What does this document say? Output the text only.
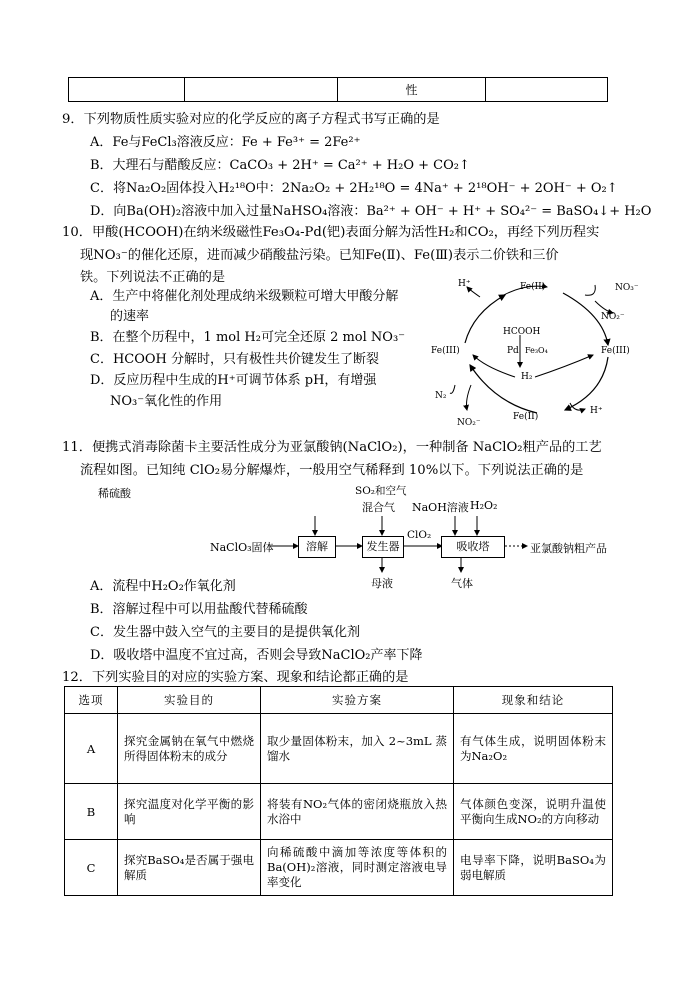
		性	
9．下列物质性质实验对应的化学反应的离子方程式书写正确的是
A．Fe与FeCl₃溶液反应：Fe + Fe³⁺ = 2Fe²⁺
B．大理石与醋酸反应：CaCO₃ + 2H⁺ = Ca²⁺ + H₂O + CO₂↑
C．将Na₂O₂固体投入H₂¹⁸O中：2Na₂O₂ + 2H₂¹⁸O = 4Na⁺ + 2¹⁸OH⁻ + 2OH⁻ + O₂↑
D．向Ba(OH)₂溶液中加入过量NaHSO₄溶液：Ba²⁺ + OH⁻ + H⁺ + SO₄²⁻ = BaSO₄↓+ H₂O
10．甲酸(HCOOH)在纳米级磁性Fe₃O₄-Pd(钯)表面分解为活性H₂和CO₂，再经下列历程实
现NO₃⁻的催化还原，进而减少硝酸盐污染。已知Fe(Ⅱ)、Fe(Ⅲ)表示二价铁和三价
铁。下列说法不正确的是
A．生产中将催化剂处理成纳米级颗粒可增大甲酸分解
的速率
B．在整个历程中，1 mol H₂可完全还原 2 mol NO₃⁻
C．HCOOH 分解时，只有极性共价键发生了断裂
D．反应历程中生成的H⁺可调节体系 pH，有增强
NO₃⁻氧化性的作用
H⁺	Fe(II)	NO₃⁻
NO₂⁻
HCOOH
Pd Fe₃O₄
H₂
Fe(III)	Fe(III)
N₂
NO₂⁻
Fe(II)
H⁺
11．便携式消毒除菌卡主要活性成分为亚氯酸钠(NaClO₂)，一种制备 NaClO₂粗产品的工艺
流程如图。已知纯 ClO₂易分解爆炸，一般用空气稀释到 10%以下。下列说法正确的是
稀硫酸	SO₂和空气
混合气 NaOH溶液 H₂O₂
NaClO₃固体	溶解	发生器
ClO₂
吸收塔	亚氯酸钠粗产品
母液	气体
A．流程中H₂O₂作氧化剂
B．溶解过程中可以用盐酸代替稀硫酸
C．发生器中鼓入空气的主要目的是提供氧化剂
D．吸收塔中温度不宜过高，否则会导致NaClO₂产率下降
12．下列实验目的对应的实验方案、现象和结论都正确的是
选项	实验目的	实验方案	现象和结论
A	探究金属钠在氧气中燃烧所得固体粉末的成分	取少量固体粉末，加入 2~3mL 蒸馏水	有气体生成，说明固体粉末为Na₂O₂
B	探究温度对化学平衡的影响	将装有NO₂气体的密闭烧瓶放入热水浴中	气体颜色变深，说明升温使平衡向生成NO₂的方向移动
C	探究BaSO₄是否属于强电解质	向稀硫酸中滴加等浓度等体积的Ba(OH)₂溶液，同时测定溶液电导率变化	电导率下降，说明BaSO₄为弱电解质
